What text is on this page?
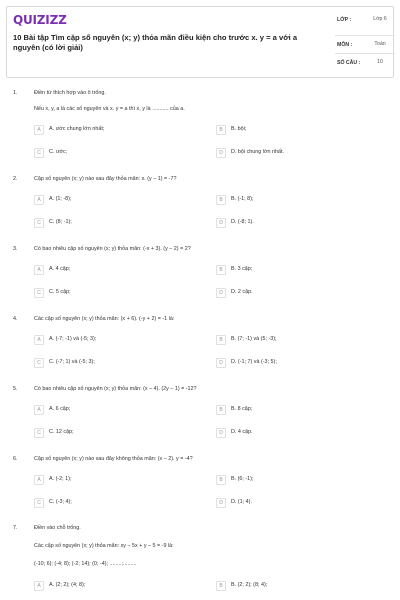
QUIZIZZ
10 Bài tập Tìm cặp số nguyên (x; y) thỏa mãn điều kiện cho trước x. y = a với a nguyên (có lời giải)
LỚP :	Lớp 6
MÔN :	Toán
SỐ CÂU :	10
1.	Điền từ thích hợp vào ô trống.
Nếu x, y, a là các số nguyên và x. y = a thì x, y là ........... của a.
A	A. ước chung lớn nhất;	B	B. bội;
C	C. ước;	D	D. bội chung lớn nhất.
2.	Cặp số nguyên (x; y) nào sau đây thỏa mãn: x. (y – 1) = -7?
A	A. (1; -8);	B	B. (-1; 8);
C	C. (8; -1);	D	D. (-8; 1).
3.	Có bao nhiêu cặp số nguyên (x; y) thỏa mãn: (-x + 3). (y – 2) = 2?
A	A. 4 cặp;	B	B. 3 cặp;
C	C. 5 cặp;	D	D. 2 cặp.
4.	Các cặp số nguyên (x; y) thỏa mãn: (x + 6). (-y + 2) = -1 là:
A	A. (-7; -1) và (-5; 3);	B	B. (7; -1) và (5; -3);
C	C. (-7; 1) và (-5; 3);	D	D. (-1; 7) và (-3; 5);
5.	Có bao nhiêu cặp số nguyên (x; y) thỏa mãn: (x – 4). (2y – 1) = -12?
A	A. 6 cặp;	B	B. 8 cặp;
C	C. 12 cặp;	D	D. 4 cặp.
6.	Cặp số nguyên (x; y) nào sau đây không thỏa mãn: (x – 2). y = -4?
A	A. (-2; 1);	B	B. (6; -1);
C	C. (-3; 4);	D	D. (1; 4).
7.	Điền vào chỗ trống.
Các cặp số nguyên (x; y) thỏa mãn: xy – 5x + y – 5 = -9 là:
(-10; 6); (-4; 8); (-2; 14); (0; -4); ........;.........
A	A. (2; 2); (4; 8);	B	B. (2; 2); (8; 4);
